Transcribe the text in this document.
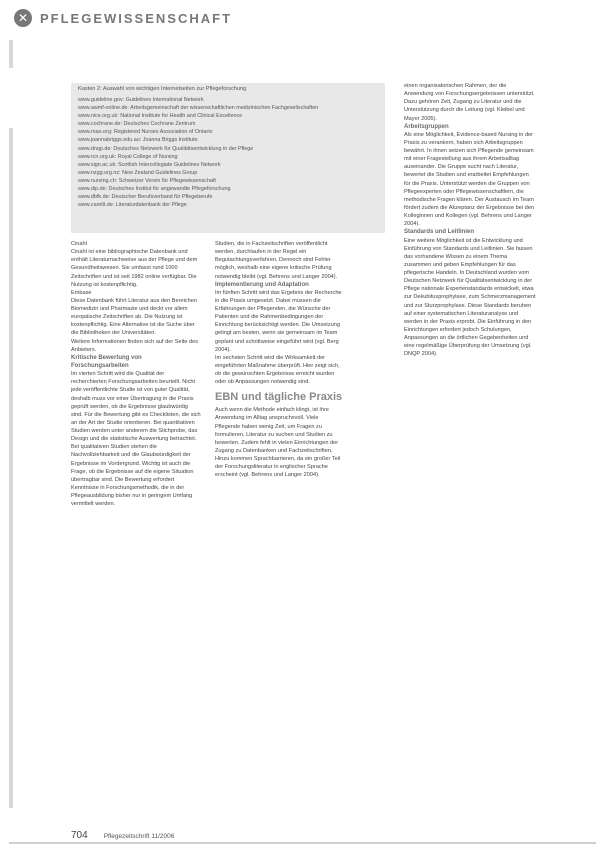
✕ PFLEGEWISSENSCHAFT
Kasten 2: Auswahl von wichtigen Internetseiten zur Pflegeforschung
www.guideline.gov: Guidelines International Network
www.awmf-online.de: Arbeitsgemeinschaft der wissenschaftlichen medizinischen Fachgesellschaften
www.nice.org.uk: National Institute for Health and Clinical Excellence
www.cochrane.de: Deutsches Cochrane Zentrum
www.rnao.org: Registered Nurses Association of Ontario
www.joannabriggs.edu.au: Joanna Briggs Institute
www.dnqp.de: Deutsches Netzwerk für Qualitätsentwicklung in der Pflege
www.rcn.org.uk: Royal College of Nursing
www.sign.ac.uk: Scottish Intercollegiate Guidelines Network
www.nzgg.org.nz: New Zealand Guidelines Group
www.nursing.ch: Schweizer Verein für Pflegewissenschaft
www.dip.de: Deutsches Institut für angewandte Pflegeforschung
www.dbfk.de: Deutscher Berufsverband für Pflegeberufe
www.carelit.de: Literaturdatenbank der Pflege

Cinahl

Cinahl ist eine bibliographische Datenbank und enthält Literaturnachweise aus der Pflege und dem Gesundheitswesen. Sie umfasst rund 1000 Zeitschriften und ist seit 1982 online verfügbar. Die Nutzung ist kostenpflichtig.

Embase

Diese Datenbank führt Literatur aus den Bereichen Biomedizin und Pharmazie und deckt vor allem europäische Zeitschriften ab. Die Nutzung ist kostenpflichtig. Eine Alternative ist die Suche über die Bibliotheken der Universitäten.

Weitere Informationen finden sich auf der Seite des Anbieters.

Kritische Bewertung von Forschungsarbeiten

Im vierten Schritt wird die Qualität der recherchierten Forschungsarbeiten beurteilt. Nicht jede veröffentlichte Studie ist von guter Qualität, deshalb muss vor einer Übertragung in die Praxis geprüft werden, ob die Ergebnisse glaubwürdig sind. Für die Bewertung gibt es Checklisten, die sich an der Art der Studie orientieren. Bei quantitativen Studien werden unter anderem die Stichprobe, das Design und die statistische Auswertung betrachtet. Bei qualitativen Studien stehen die Nachvollziehbarkeit und die Glaubwürdigkeit der Ergebnisse im Vordergrund. Wichtig ist auch die Frage, ob die Ergebnisse auf die eigene Situation übertragbar sind. Die Bewertung erfordert Kenntnisse in Forschungsmethodik, die in der Pflegeausbildung bisher nur in geringem Umfang vermittelt werden.

Studien, die in Fachzeitschriften veröffentlicht werden, durchlaufen in der Regel ein Begutachtungsverfahren. Dennoch sind Fehler möglich, weshalb eine eigene kritische Prüfung notwendig bleibt (vgl. Behrens und Langer 2004).

Implementierung und Adaptation

Im fünften Schritt wird das Ergebnis der Recherche in die Praxis umgesetzt. Dabei müssen die Erfahrungen der Pflegenden, die Wünsche der Patienten und die Rahmenbedingungen der Einrichtung berücksichtigt werden. Die Umsetzung gelingt am besten, wenn sie gemeinsam im Team geplant und schrittweise eingeführt wird (vgl. Berg 2004).

Im sechsten Schritt wird die Wirksamkeit der eingeführten Maßnahme überprüft. Hier zeigt sich, ob die gewünschten Ergebnisse erreicht wurden oder ob Anpassungen notwendig sind.

EBN und tägliche Praxis

Auch wenn die Methode einfach klingt, ist ihre Anwendung im Alltag anspruchsvoll. Viele Pflegende haben wenig Zeit, um Fragen zu formulieren, Literatur zu suchen und Studien zu bewerten. Zudem fehlt in vielen Einrichtungen der Zugang zu Datenbanken und Fachzeitschriften. Hinzu kommen Sprachbarrieren, da ein großer Teil der Forschungsliteratur in englischer Sprache erscheint (vgl. Behrens und Langer 2004).

einen organisatorischen Rahmen, der die Anwendung von Forschungsergebnissen unterstützt. Dazu gehören Zeit, Zugang zu Literatur und die Unterstützung durch die Leitung (vgl. Kleibel und Mayer 2005).

Arbeitsgruppen

Als eine Möglichkeit, Evidence-based Nursing in der Praxis zu verankern, haben sich Arbeitsgruppen bewährt. In ihnen setzen sich Pflegende gemeinsam mit einer Fragestellung aus ihrem Arbeitsalltag auseinander. Die Gruppe sucht nach Literatur, bewertet die Studien und erarbeitet Empfehlungen für die Praxis. Unterstützt werden die Gruppen von Pflegeexperten oder Pflegewissenschaftlern, die methodische Fragen klären. Der Austausch im Team fördert zudem die Akzeptanz der Ergebnisse bei den Kolleginnen und Kollegen (vgl. Behrens und Langer 2004).

Standards und Leitlinien

Eine weitere Möglichkeit ist die Entwicklung und Einführung von Standards und Leitlinien. Sie fassen das vorhandene Wissen zu einem Thema zusammen und geben Empfehlungen für das pflegerische Handeln. In Deutschland wurden vom Deutschen Netzwerk für Qualitätsentwicklung in der Pflege nationale Expertenstandards entwickelt, etwa zur Dekubitusprophylaxe, zum Schmerzmanagement und zur Sturzprophylaxe. Diese Standards beruhen auf einer systematischen Literaturanalyse und werden in der Praxis erprobt. Die Einführung in den Einrichtungen erfordert jedoch Schulungen, Anpassungen an die örtlichen Gegebenheiten und eine regelmäßige Überprüfung der Umsetzung (vgl. DNQP 2004).

704 Pflegezeitschrift 11/2006
